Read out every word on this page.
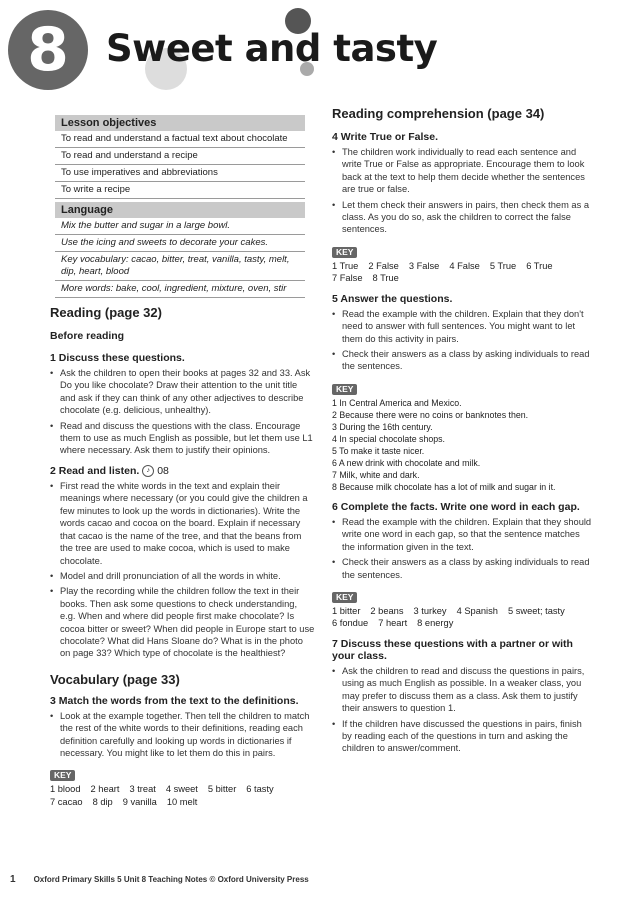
8	Sweet and tasty
Lesson objectives
To read and understand a factual text about chocolate
To read and understand a recipe
To use imperatives and abbreviations
To write a recipe
Language
Mix the butter and sugar in a large bowl.
Use the icing and sweets to decorate your cakes.
Key vocabulary: cacao, bitter, treat, vanilla, tasty, melt, dip, heart, blood
More words: bake, cool, ingredient, mixture, oven, stir
Reading (page 32)
Before reading
1 Discuss these questions.
• Ask the children to open their books at pages 32 and 33. Ask Do you like chocolate? Draw their attention to the unit title and ask if they can think of any other adjectives to describe chocolate (e.g. delicious, unhealthy).
• Read and discuss the questions with the class. Encourage them to use as much English as possible, but let them use L1 where necessary. Ask them to justify their opinions.
2 Read and listen. ♪ 08
• First read the white words in the text and explain their meanings where necessary (or you could give the children a few minutes to look up the words in dictionaries). Write the words cacao and cocoa on the board. Explain if necessary that cacao is the name of the tree, and that the beans from the tree are used to make cocoa, which is used to make chocolate.
• Model and drill pronunciation of all the words in white.
• Play the recording while the children follow the text in their books. Then ask some questions to check understanding, e.g. When and where did people first make chocolate? Is cocoa bitter or sweet? When did people in Europe start to use chocolate? What did Hans Sloane do? What is in the photo on page 33? Which type of chocolate is the healthiest?
Vocabulary (page 33)
3 Match the words from the text to the definitions.
• Look at the example together. Then tell the children to match the rest of the white words to their definitions, reading each definition carefully and looking up words in dictionaries if necessary. You might like to let them do this in pairs.
KEY
1 blood 2 heart 3 treat 4 sweet 5 bitter 6 tasty
7 cacao 8 dip 9 vanilla 10 melt
Reading comprehension (page 34)
4 Write True or False.
• The children work individually to read each sentence and write True or False as appropriate. Encourage them to look back at the text to help them decide whether the sentences are true or false.
• Let them check their answers in pairs, then check them as a class. As you do so, ask the children to correct the false sentences.
KEY
1 True 2 False 3 False 4 False 5 True 6 True
7 False 8 True
5 Answer the questions.
• Read the example with the children. Explain that they don't need to answer with full sentences. You might want to let them do this activity in pairs.
• Check their answers as a class by asking individuals to read the sentences.
KEY
1 In Central America and Mexico.
2 Because there were no coins or banknotes then.
3 During the 16th century.
4 In special chocolate shops.
5 To make it taste nicer.
6 A new drink with chocolate and milk.
7 Milk, white and dark.
8 Because milk chocolate has a lot of milk and sugar in it.
6 Complete the facts. Write one word in each gap.
• Read the example with the children. Explain that they should write one word in each gap, so that the sentence matches the information given in the text.
• Check their answers as a class by asking individuals to read the sentences.
KEY
1 bitter 2 beans 3 turkey 4 Spanish 5 sweet; tasty
6 fondue 7 heart 8 energy
7 Discuss these questions with a partner or with your class.
• Ask the children to read and discuss the questions in pairs, using as much English as possible. In a weaker class, you may prefer to discuss them as a class. Ask them to justify their answers to question 1.
• If the children have discussed the questions in pairs, finish by reading each of the questions in turn and asking the children to answer/comment.
1 Oxford Primary Skills 5 Unit 8 Teaching Notes © Oxford University Press
